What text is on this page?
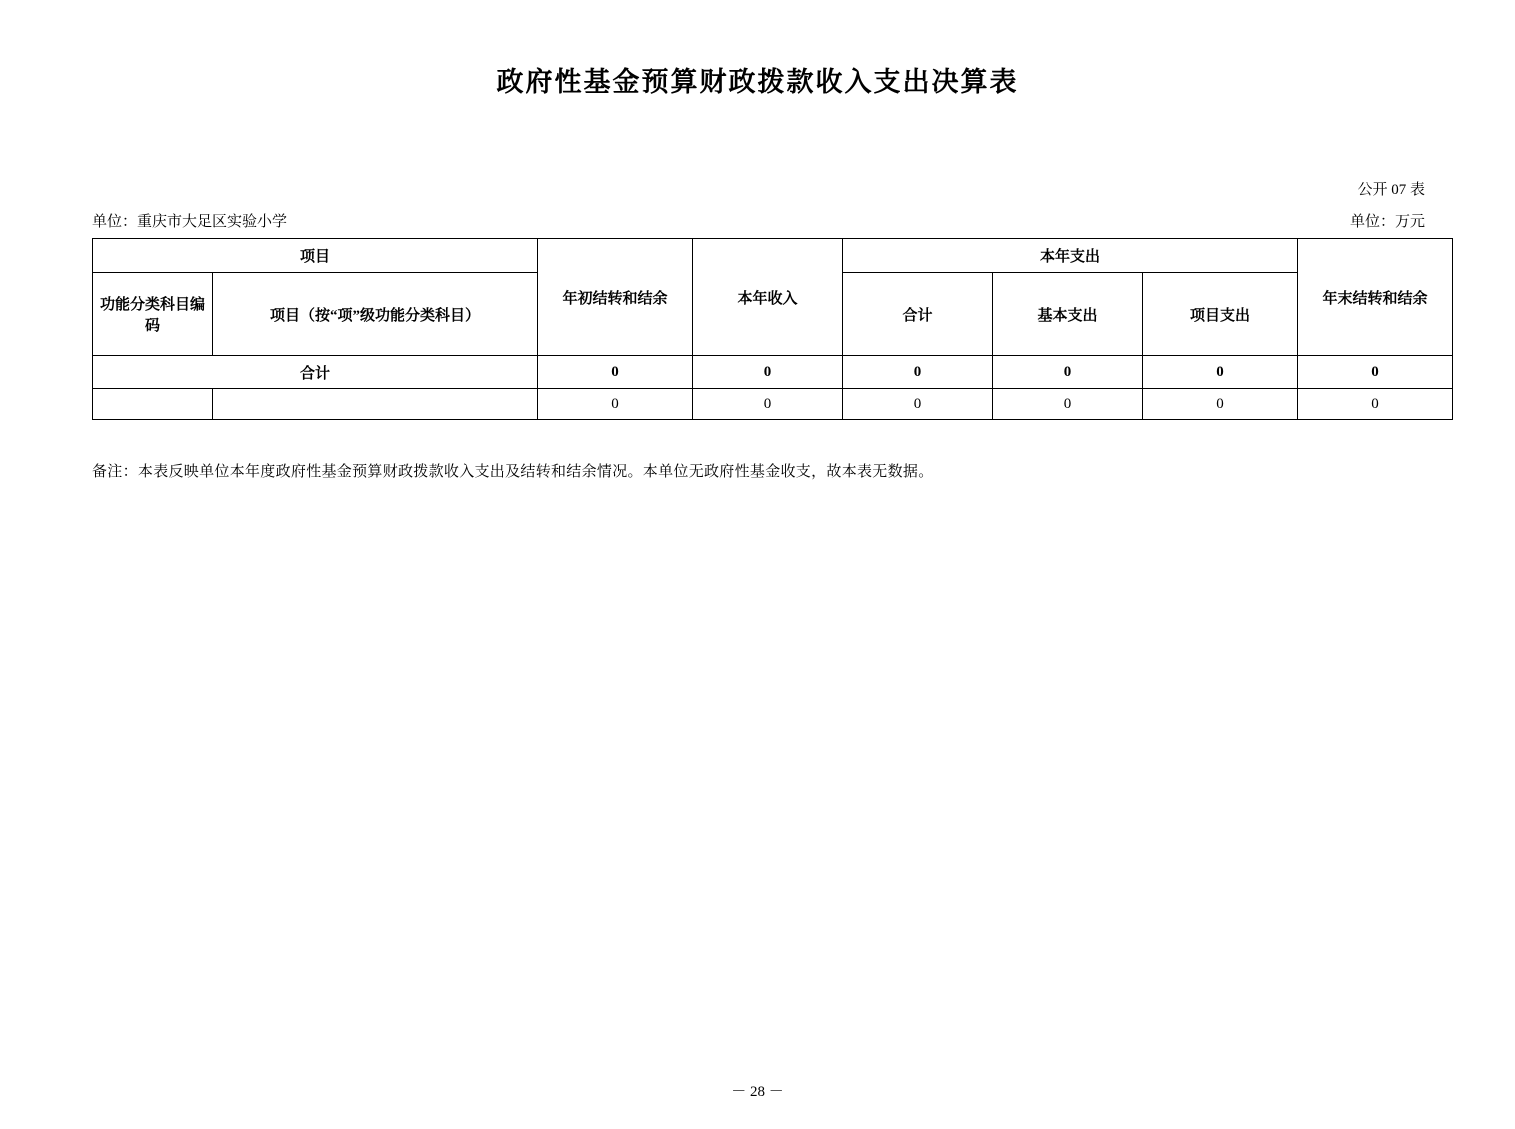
政府性基金预算财政拨款收入支出决算表
公开 07 表
单位：重庆市大足区实验小学	单位：万元
项目		年初结转和结余	本年收入	本年支出			年末结转和结余
功能分类科目编码	项目（按“项”级功能分类科目）			合计	基本支出	项目支出	
合计		0	0	0	0	0	0
		0	0	0	0	0	0
备注：本表反映单位本年度政府性基金预算财政拨款收入支出及结转和结余情况。本单位无政府性基金收支，故本表无数据。
－ 28 －
